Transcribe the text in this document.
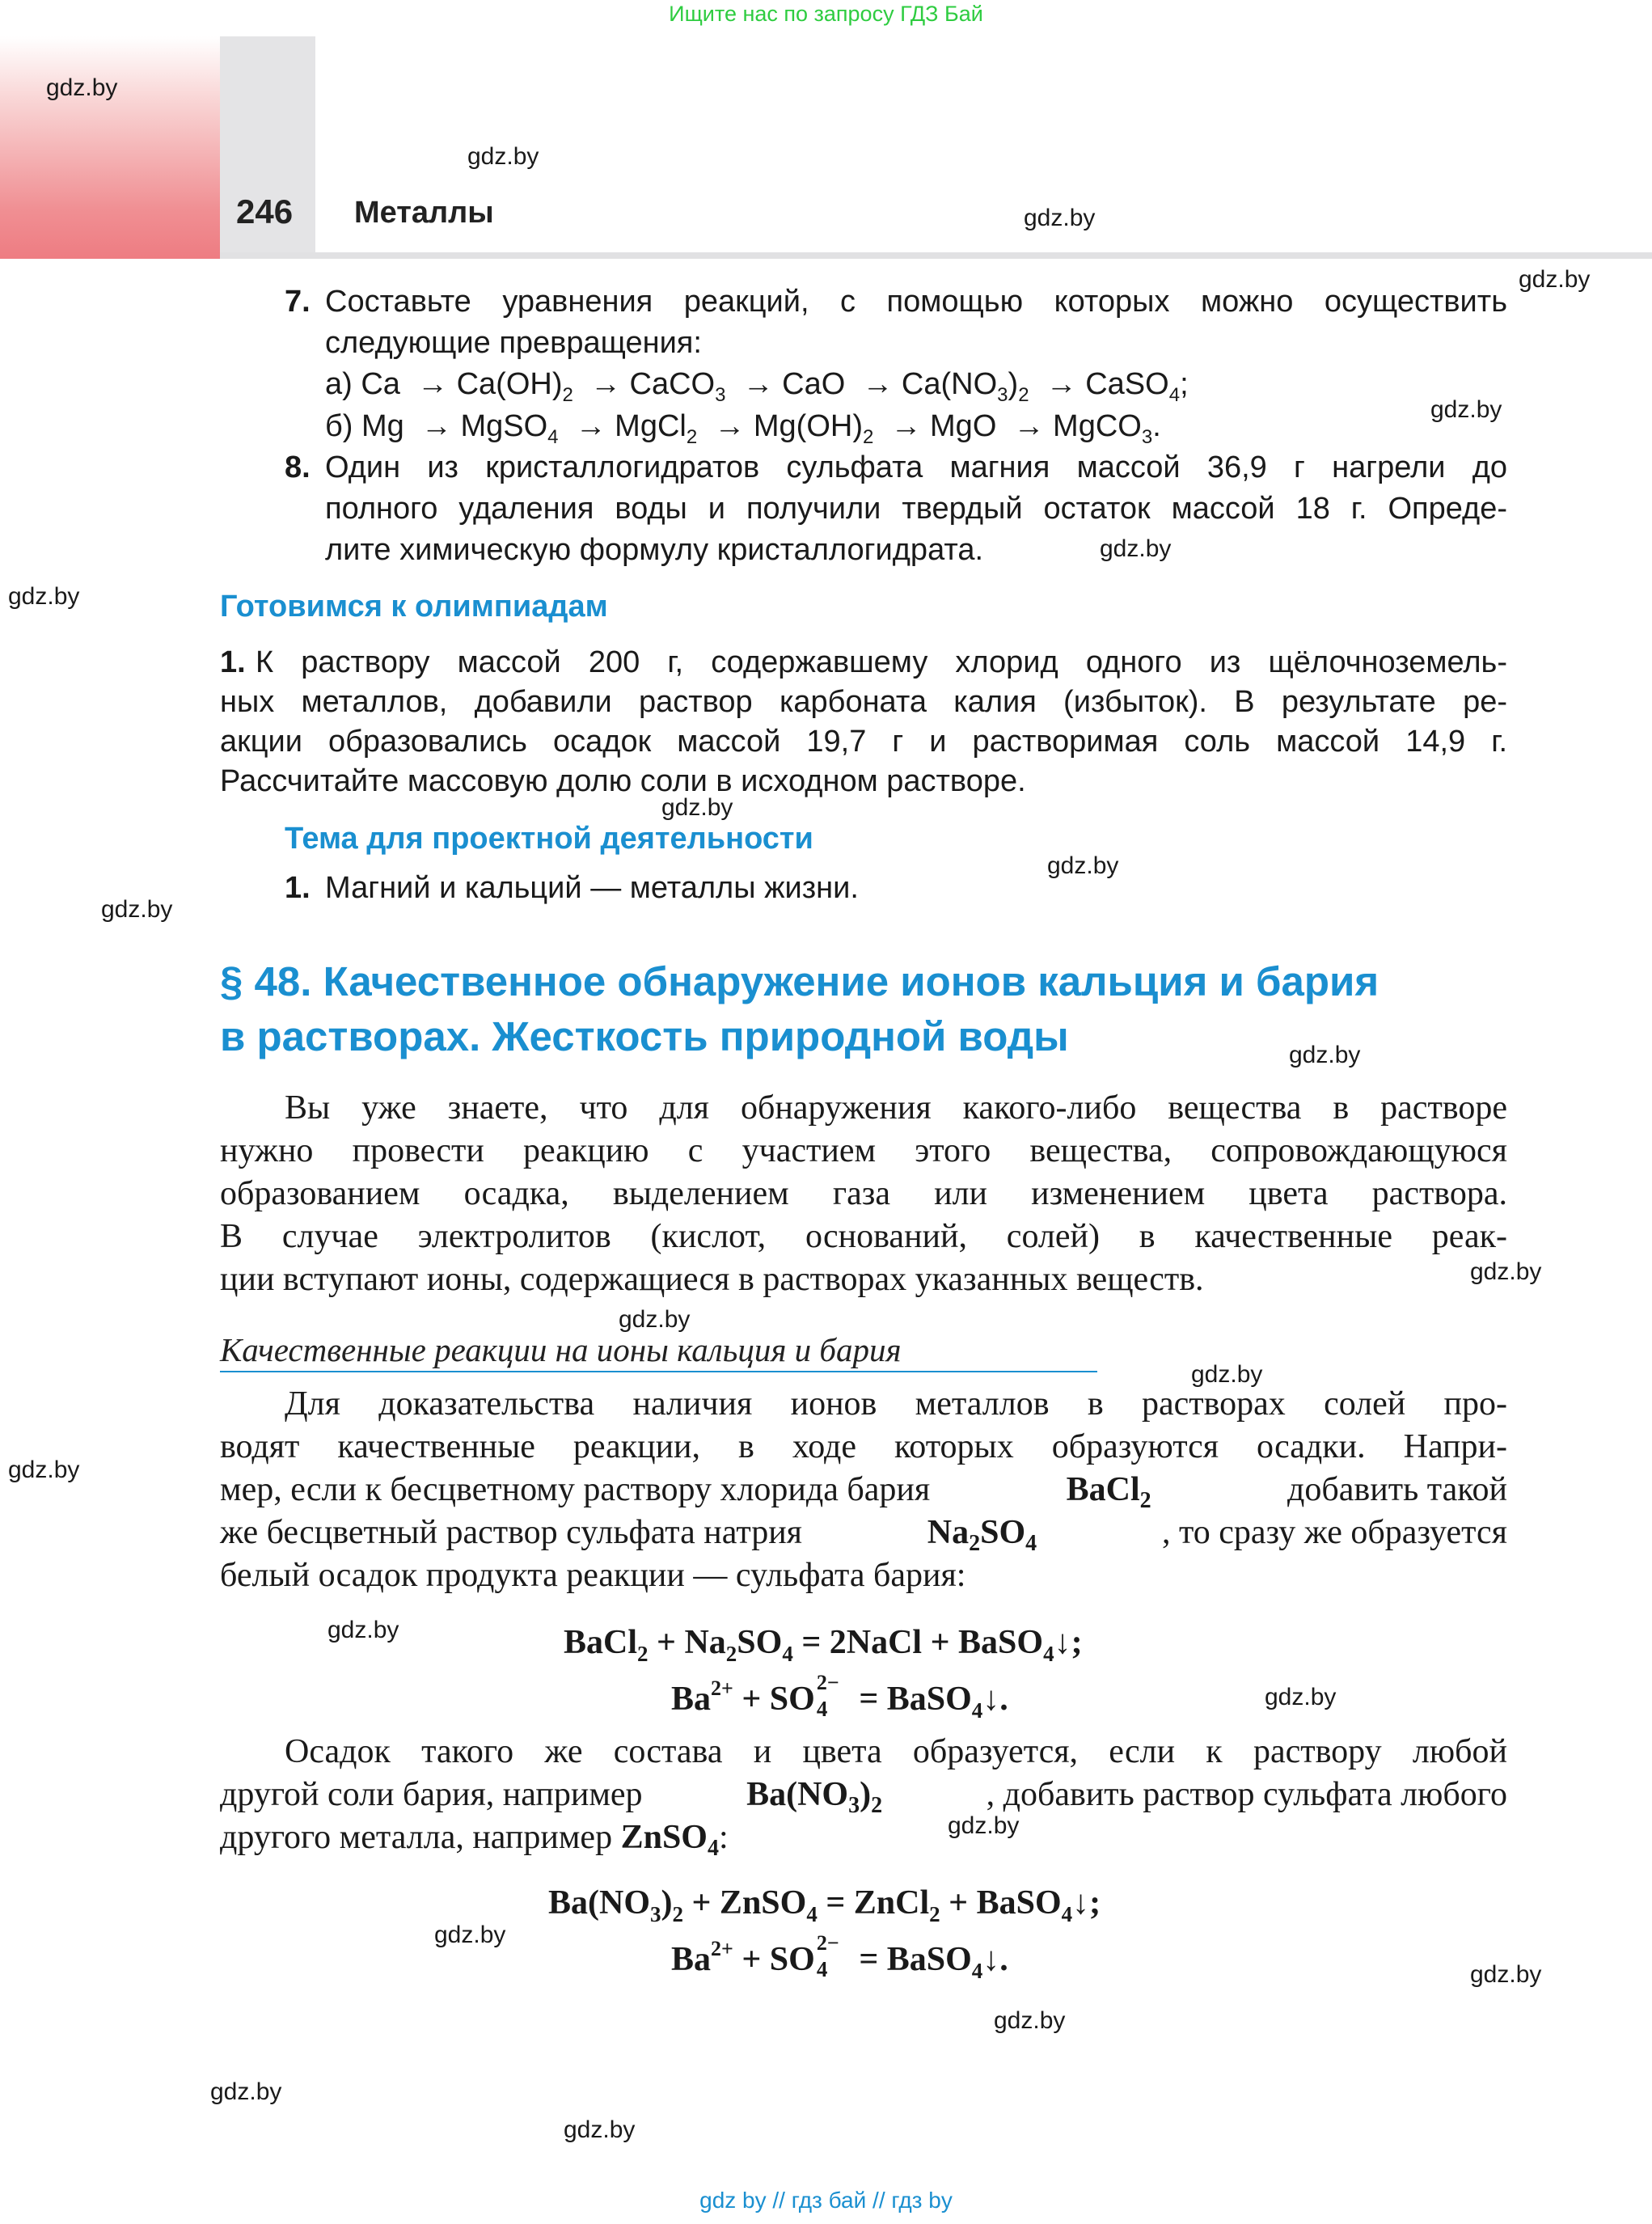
Ищите нас по запросу ГДЗ Бай
246 Металлы
gdz.by
gdz.by
gdz.by
gdz.by
gdz.by
gdz.by
gdz.by
gdz.by
gdz.by
gdz.by
gdz.by
gdz.by
gdz.by
gdz.by
gdz.by
gdz.by
gdz.by
gdz.by
gdz.by
gdz.by
gdz.by
gdz.by
gdz.by
7. Составьте уравнения реакций, с помощью которых можно осуществить
следующие превращения:
а) $Ca \to Ca(OH)_2$  → CaCO$_3$  → CaO  → $Ca(NO_3)_2$  → CaSO$_4$;
б) Mg  → MgSO$_4$  → MgCl$_2$  → $Mg(OH)_2$  → MgO  → MgCO$_3$.
8. Один из кристаллогидратов сульфата магния массой 36,9 г нагрели до
полного удаления воды и получили твердый остаток массой 18 г. Опреде-
лите химическую формулу кристаллогидрата.
Готовимся к олимпиадам
1. К раствору массой 200 г, содержавшему хлорид одного из щёлочноземель-
ных металлов, добавили раствор карбоната калия (избыток). В результате ре-
акции образовались осадок массой 19,7 г и растворимая соль массой 14,9 г.
Рассчитайте массовую долю соли в исходном растворе.
Тема для проектной деятельности
1. Магний и кальций — металлы жизни.
§ 48. Качественное обнаружение ионов кальция и бария
в растворах. Жесткость природной воды
Вы уже знаете, что для обнаружения какого-либо вещества в растворе
нужно провести реакцию с участием этого вещества, сопровождающуюся
образованием осадка, выделением газа или изменением цвета раствора.
В случае электролитов (кислот, оснований, солей) в качественные реак-
ции вступают ионы, содержащиеся в растворах указанных веществ.
Качественные реакции на ионы кальция и бария
Для доказательства наличия ионов металлов в растворах солей про-
водят качественные реакции, в ходе которых образуются осадки. Напри-
мер, если к бесцветному раствору хлорида бария	BaCl$_2$	добавить такой
же бесцветный раствор сульфата натрия	$Na_2SO_4$	, то сразу же образуется
белый осадок продукта реакции — сульфата бария:
BaCl$_2$ + $Na_2SO_4$ = 2NaCl + BaSO$_4$↓;
$Ba^{2+}$ + SO 2−
4 = BaSO$_4$↓.
Осадок такого же состава и цвета образуется, если к раствору любой
другой соли бария, например	$Ba(NO_3)_2$	, добавить раствор сульфата любого
другого металла, например ZnSO$_4$:
$Ba(NO_3)_2$ + ZnSO$_4$ = ZnCl$_2$ + BaSO$_4$↓;
$Ba^{2+}$ + SO 2−
4 = BaSO$_4$↓.
gdz by // гдз бай // гдз by
